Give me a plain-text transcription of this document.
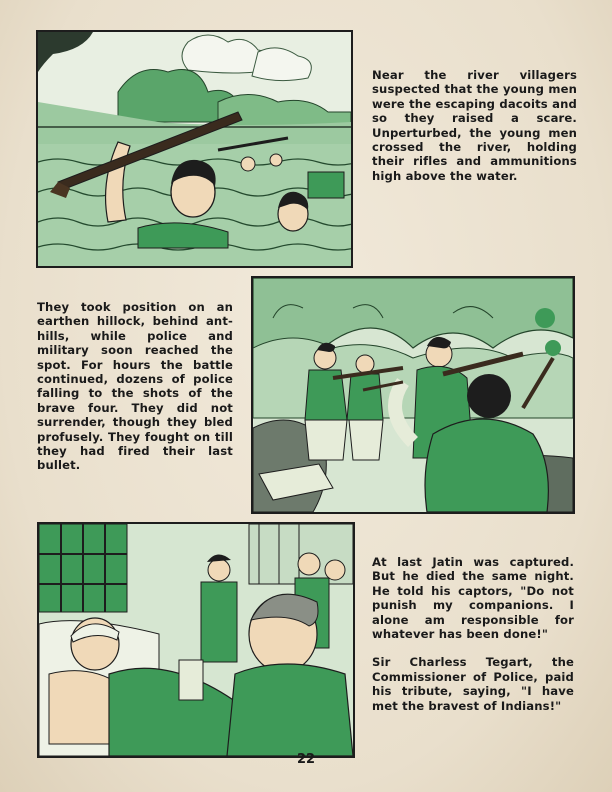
Near the river villagers suspected that the young men were the escaping dacoits and so they raised a scare. Unperturbed, the young men crossed the river, holding their rifles and ammunitions high above the water.
They took position on an earthen hillock, behind ant-hills, while police and military soon reached the spot. For hours the battle continued, dozens of police falling to the shots of the brave four. They did not surrender, though they bled profusely. They fought on till they had fired their last bullet.

At last Jatin was captured. But he died the same night. He told his captors, "Do not punish my companions. I alone am responsible for whatever has been done!"

Sir Charless Tegart, the Commissioner of Police, paid his tribute, saying, "I have met the bravest of Indians!"

22
